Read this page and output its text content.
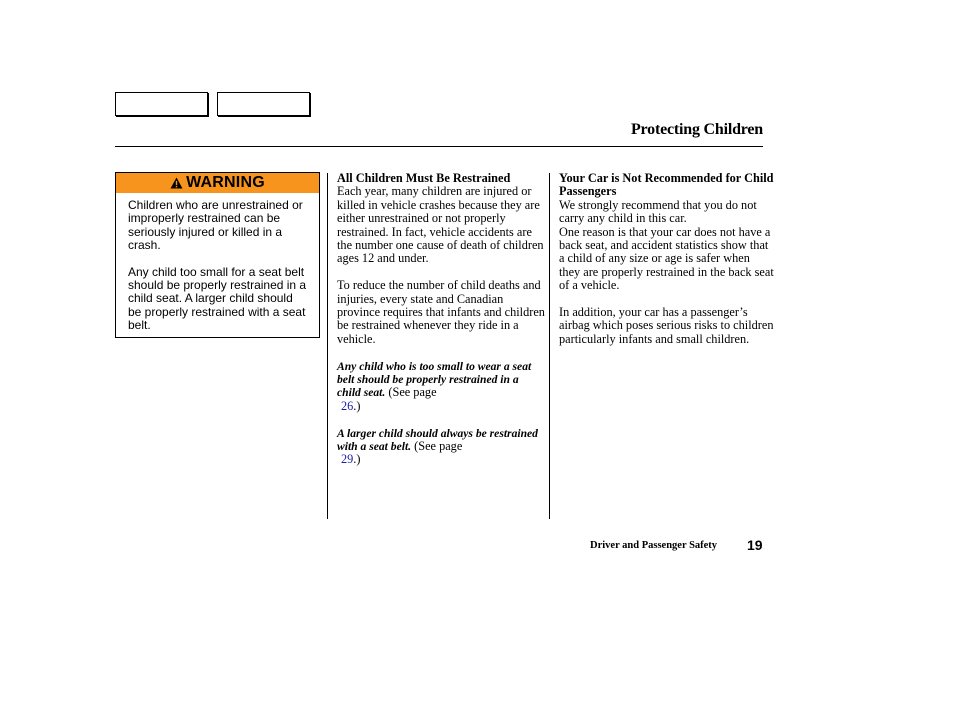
Protecting Children
WARNING

Children who are unrestrained or improperly restrained can be seriously injured or killed in a crash.

Any child too small for a seat belt should be properly restrained in a child seat. A larger child should be properly restrained with a seat belt.

All Children Must Be Restrained

Each year, many children are injured or killed in vehicle crashes because they are either unrestrained or not properly restrained. In fact, vehicle accidents are the number one cause of death of children ages 12 and under.

To reduce the number of child deaths and injuries, every state and Canadian province requires that infants and children be restrained whenever they ride in a vehicle.

Any child who is too small to wear a seat belt should be properly restrained in a child seat. (See page
26.)

A larger child should always be restrained with a seat belt. (See page
29.)

Your Car is Not Recommended for Child Passengers

We strongly recommend that you do not carry any child in this car.

One reason is that your car does not have a back seat, and accident statistics show that a child of any size or age is safer when they are properly restrained in the back seat of a vehicle.

In addition, your car has a passenger’s airbag which poses serious risks to children    particularly infants and small children.

Driver and Passenger Safety 19
